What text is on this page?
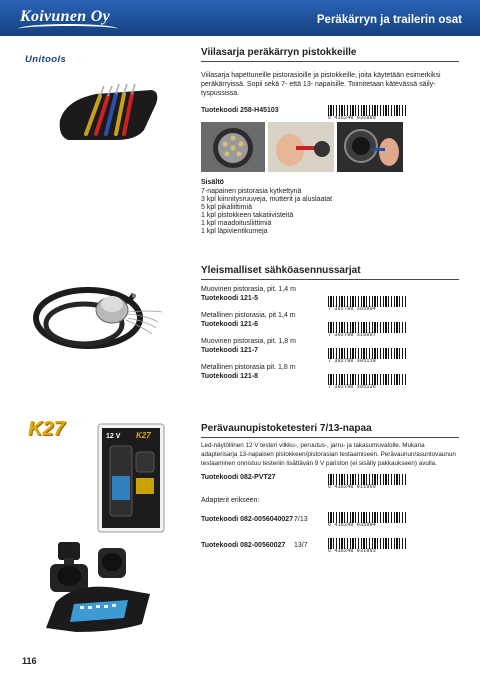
Koivunen Oy	Peräkärryn ja trailerin osat
Unitools
Viilasarja peräkärryn pistokkeille
Viilasarja hapettuneille pistorasioille ja pistokkeille, joita käytetään esimerkiksi
peräkärryissä. Sopii sekä 7- että 13- napaisille. Toimitetaan kätevässä säily-
tyspussissa.
Tuotekoodi 258-H45103
6 416240 932889
Sisältö
7-napainen pistorasia kytkettynä
3 kpl kiinnitysruuveja, mutterit ja aluslaatat
5 kpl pikaliittimiä
1 kpl pistokkeen takatiivisteitä
1 kpl maadoitusliittimiä
1 kpl läpivientikumeja
Yleismalliset sähköasennussarjat
Muovinen pistorasia, pit. 1,4 m
Tuotekoodi 121-5
7 392780 305904
Metallinen pistorasia, pit 1,4 m
Tuotekoodi 121-6
7 392780 310007
Muovinen pistorasia, pit. 1,8 m
Tuotekoodi 121-7
7 392780 305119
Metallinen pistorasia pit. 1,8 m
Tuotekoodi 121-8
7 392780 305126
K27	12 V K27
Perävaunupistoketesteri 7/13-napaa
Led-näytöllinen 12 V testeri vilkku-, peruutus-, jarru- ja takasumuvalolle. Mukana
adapterisarja 13-napaisen pistokkeen/pistorasian testaamiseen. Perävaunun/asuntovaunun
testaaminen onnistuu testeriin lisättävän 9 V pariston (ei sisälly pakkaukseen) avulla.
Tuotekoodi 082-PVT27
6 416240 911969
Adapterit erikseen:
Tuotekoodi 082-0056040027 7/13
6 416240 935004
Tuotekoodi 082-00560027 13/7
6 416240 931993
116
